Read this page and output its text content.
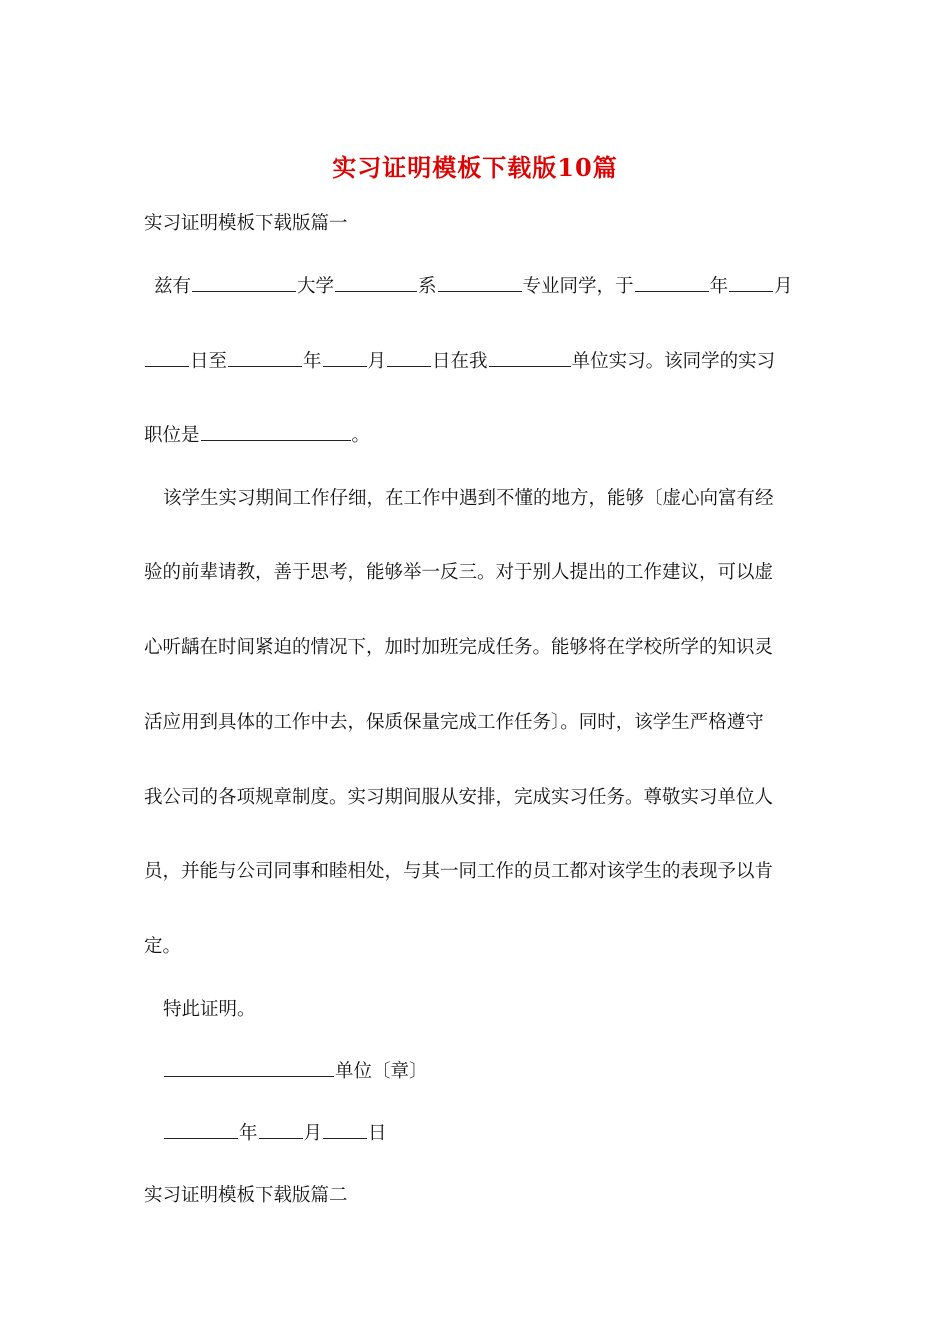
实习证明模板下载版10篇
实习证明模板下载版篇一
兹有	大学	系	专业同学，于	年 月
日至	年 月 日在我	单位实习。该同学的实习
职位是	。
该学生实习期间工作仔细，在工作中遇到不懂的地方，能够〔虚心向富有经
验的前辈请教，善于思考，能够举一反三。对于别人提出的工作建议，可以虚
心听龋在时间紧迫的情况下，加时加班完成任务。能够将在学校所学的知识灵
活应用到具体的工作中去，保质保量完成工作任务〕。同时，该学生严格遵守
我公司的各项规章制度。实习期间服从安排，完成实习任务。尊敬实习单位人
员，并能与公司同事和睦相处，与其一同工作的员工都对该学生的表现予以肯
定。
特此证明。
单位〔章〕
年 月 日
实习证明模板下载版篇二
